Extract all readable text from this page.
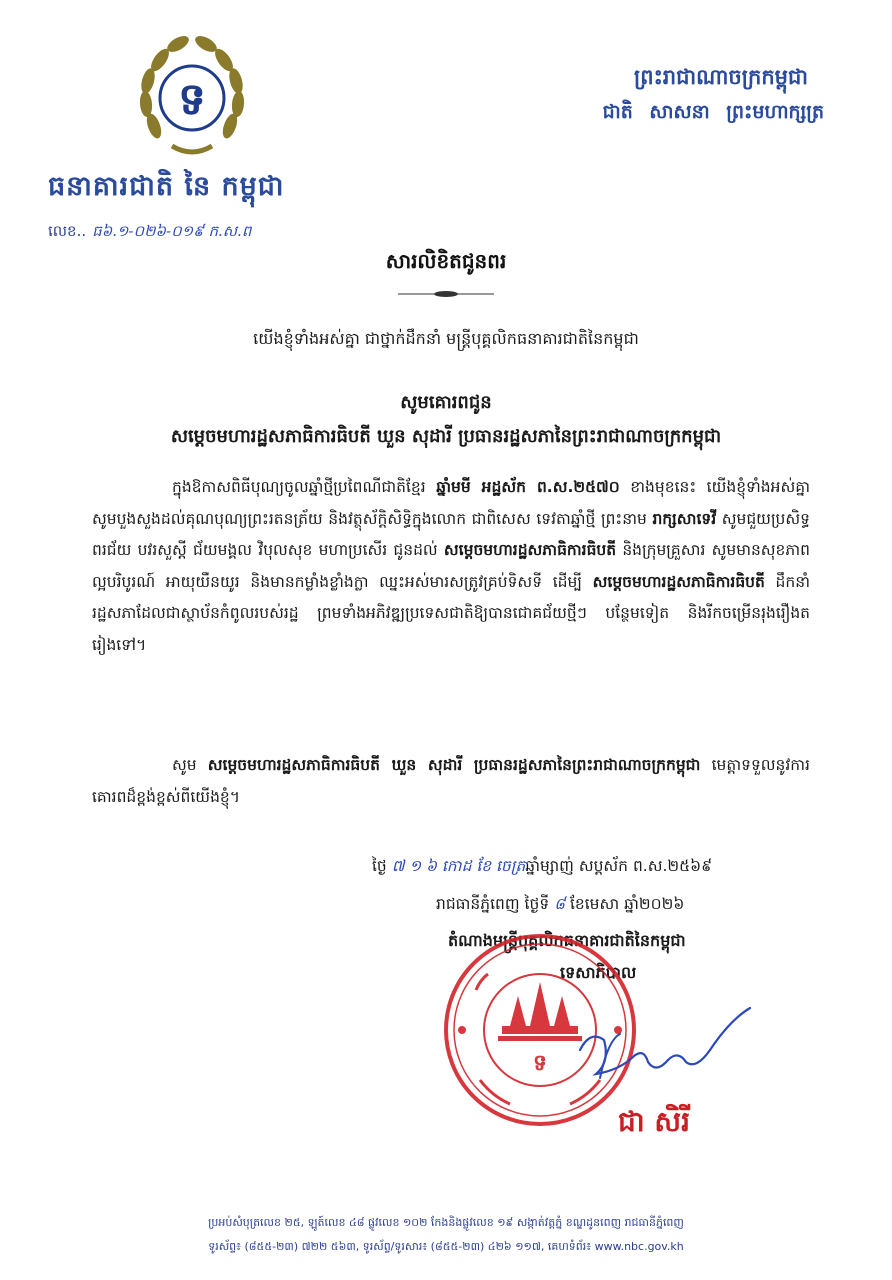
ទ
ធនាគារជាតិ នៃ កម្ពុជា
លេខ.. ធ៦.១-០២៦-០១៩ ក.ស.ព
ព្រះរាជាណាចក្រកម្ពុជា
ជាតិ សាសនា ព្រះមហាក្សត្រ
សារលិខិតជូនពរ
យើងខ្ញុំទាំងអស់គ្នា ជាថ្នាក់ដឹកនាំ មន្ត្រីបុគ្គលិកធនាគារជាតិនៃកម្ពុជា
សូមគោរពជូន
សម្តេចមហារដ្ឋសភាធិការធិបតី ឃួន សុដារី ប្រធានរដ្ឋសភានៃព្រះរាជាណាចក្រកម្ពុជា
ក្នុងឱកាសពិធីបុណ្យចូលឆ្នាំថ្មីប្រពៃណីជាតិខ្មែរ ឆ្នាំមមី អដ្ឋស័ក ព.ស.២៥៧០ ខាងមុខនេះ យើងខ្ញុំទាំងអស់គ្នា សូមបួងសួងដល់គុណបុណ្យព្រះរតនត្រ័យ និងវត្ថុស័ក្តិសិទ្ធិក្នុងលោក ជាពិសេស ទេវតាឆ្នាំថ្មី ព្រះនាម រាក្សសាទេវី សូមជួយប្រសិទ្ធពរជ័យ បវរសួស្តី ជ័យមង្គល វិបុលសុខ មហាប្រសើរ ជូនដល់ សម្តេចមហារដ្ឋសភាធិការធិបតី និងក្រុមគ្រួសារ សូមមានសុខភាពល្អបរិបូរណ៍ អាយុយឺនយូរ និងមានកម្លាំងខ្លាំងក្លា ឈ្នះអស់មារសត្រូវគ្រប់ទិសទី ដើម្បី សម្តេចមហារដ្ឋសភាធិការធិបតី ដឹកនាំរដ្ឋសភាដែលជាស្ថាប័នកំពូលរបស់រដ្ឋ ព្រមទាំងអភិវឌ្ឍប្រទេសជាតិឱ្យបានជោគជ័យថ្មីៗ បន្ថែមទៀត និងរីកចម្រើនរុងរឿងតរៀងទៅ។
សូម សម្តេចមហារដ្ឋសភាធិការធិបតី ឃួន សុដារី ប្រធានរដ្ឋសភានៃព្រះរាជាណាចក្រកម្ពុជា មេត្តាទទួលនូវការគោរពដ៏ខ្ពង់ខ្ពស់ពីយើងខ្ញុំ។
ថ្ងៃ ៧ ១ ៦ កោដ ខែ ចេត្រឆ្នាំម្សាញ់ សប្តស័ក ព.ស.២៥៦៩
រាជធានីភ្នំពេញ ថ្ងៃទី ៨ ខែមេសា ឆ្នាំ២០២៦
តំណាងមន្ត្រីបុគ្គលិកធនាគារជាតិនៃកម្ពុជា
ទេសាភិបាល
ទ
ជា សិរី
ប្រអប់សំបុត្រលេខ ២៥, ឡូត៍លេខ ៤៨ ផ្លូវលេខ ១០២ កែងនិងផ្លូវលេខ ១៩ សង្កាត់វត្តភ្នំ ខណ្ឌដូនពេញ រាជធានីភ្នំពេញ
ទូរស័ព្ទ៖ (៨៥៥-២៣) ៧២២ ៥៦៣, ទូរស័ព្ទ/ទូរសារ៖ (៨៥៥-២៣) ៤២៦ ១១៧, គេហទំព័រ៖ www.nbc.gov.kh
